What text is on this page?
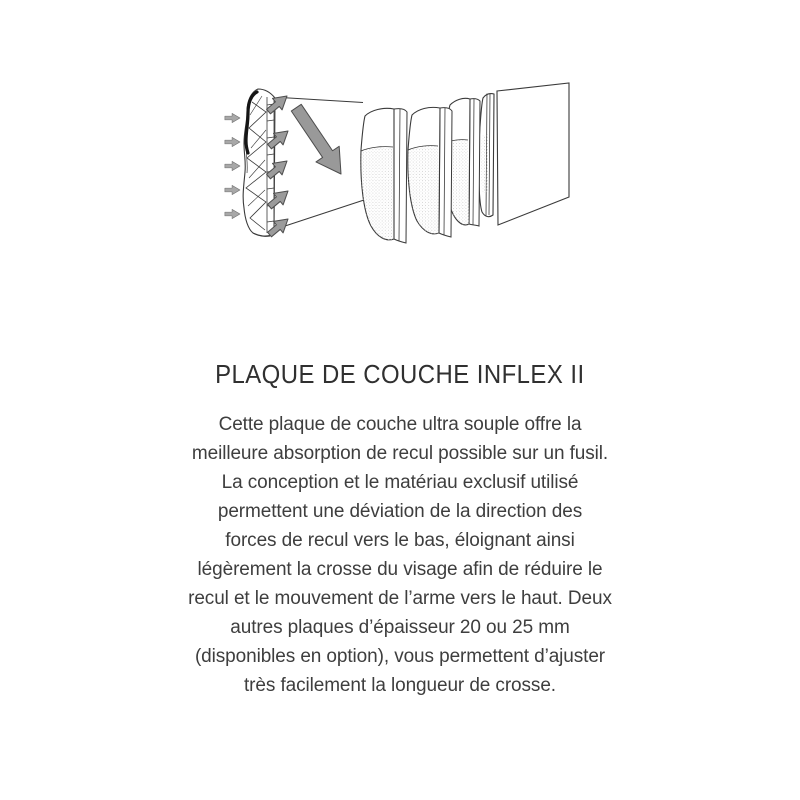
PLAQUE DE COUCHE INFLEX II
Cette plaque de couche ultra souple offre la
meilleure absorption de recul possible sur un fusil.
La conception et le matériau exclusif utilisé
permettent une déviation de la direction des
forces de recul vers le bas, éloignant ainsi
légèrement la crosse du visage afin de réduire le
recul et le mouvement de l’arme vers le haut. Deux
autres plaques d’épaisseur 20 ou 25 mm
(disponibles en option), vous permettent d’ajuster
très facilement la longueur de crosse.
